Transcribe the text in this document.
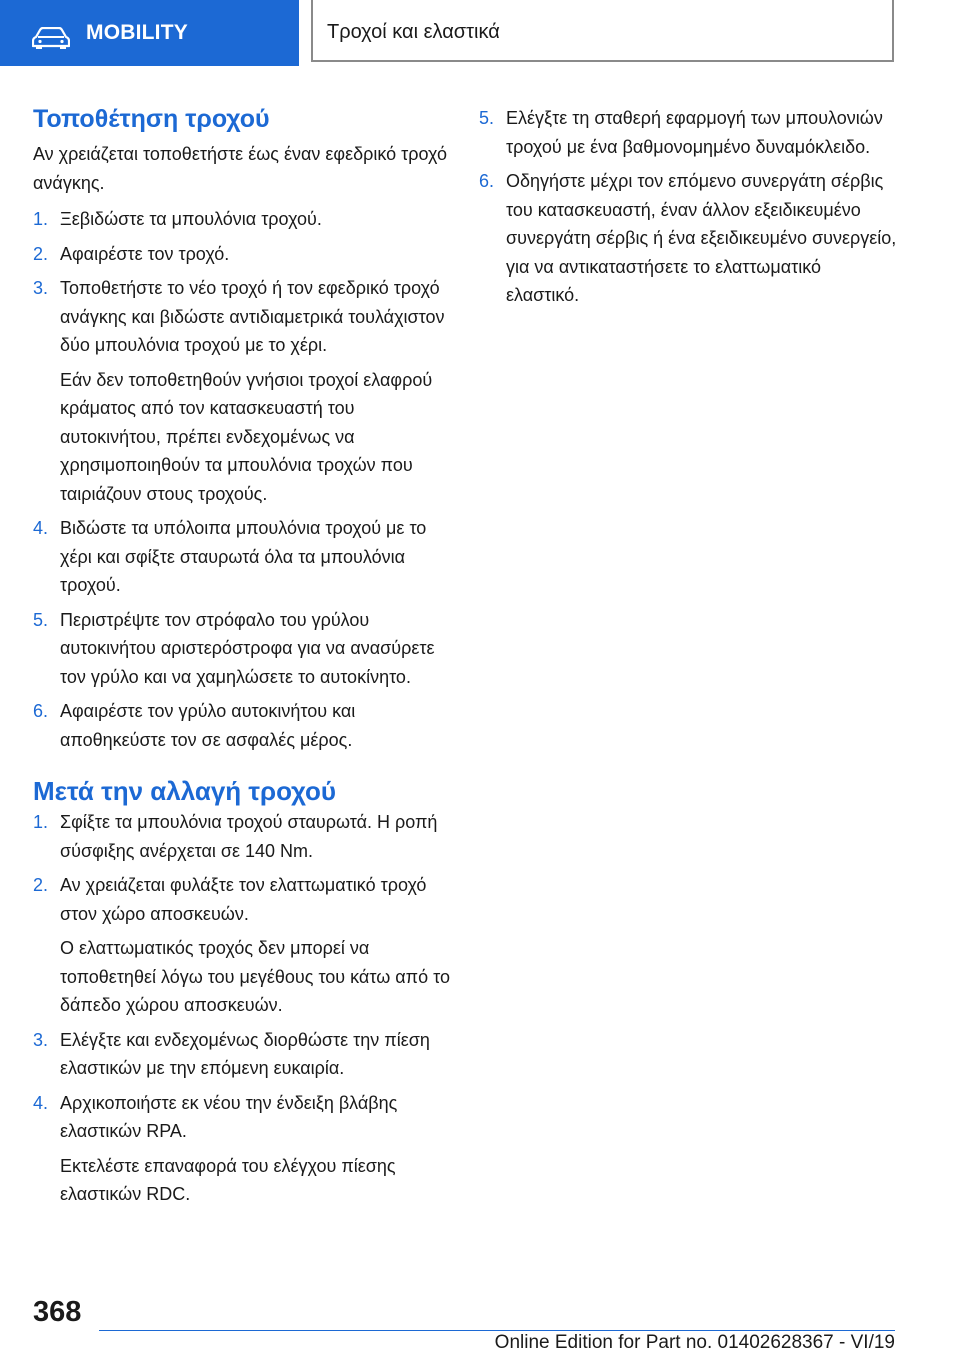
MOBILITY	Τροχοί και ελαστικά
Τοποθέτηση τροχού

Αν χρειάζεται τοποθετήστε έως έναν εφεδρικό τροχό ανάγκης.

1. Ξεβιδώστε τα μπουλόνια τροχού.

2. Αφαιρέστε τον τροχό.

3. Τοποθετήστε το νέο τροχό ή τον εφεδρικό τροχό ανάγκης και βιδώστε αντιδιαμετρικά τουλάχιστον δύο μπουλόνια τροχού με το χέρι.

Εάν δεν τοποθετηθούν γνήσιοι τροχοί ελαφρού κράματος από τον κατασκευαστή του αυτοκινήτου, πρέπει ενδεχομένως να χρησιμοποιηθούν τα μπουλόνια τροχών που ταιριάζουν στους τροχούς.

4. Βιδώστε τα υπόλοιπα μπουλόνια τροχού με το χέρι και σφίξτε σταυρωτά όλα τα μπουλόνια τροχού.

5. Περιστρέψτε τον στρόφαλο του γρύλου αυτοκινήτου αριστερόστροφα για να ανασύρετε τον γρύλο και να χαμηλώσετε το αυτοκίνητο.

6. Αφαιρέστε τον γρύλο αυτοκινήτου και αποθηκεύστε τον σε ασφαλές μέρος.

Μετά την αλλαγή τροχού
1. Σφίξτε τα μπουλόνια τροχού σταυρωτά. Η ροπή σύσφιξης ανέρχεται σε 140 Nm.

2. Αν χρειάζεται φυλάξτε τον ελαττωματικό τροχό στον χώρο αποσκευών.

Ο ελαττωματικός τροχός δεν μπορεί να τοποθετηθεί λόγω του μεγέθους του κάτω από το δάπεδο χώρου αποσκευών.

3. Ελέγξτε και ενδεχομένως διορθώστε την πίεση ελαστικών με την επόμενη ευκαιρία.

4. Αρχικοποιήστε εκ νέου την ένδειξη βλάβης ελαστικών RPA.

Εκτελέστε επαναφορά του ελέγχου πίεσης ελαστικών RDC.

5. Ελέγξτε τη σταθερή εφαρμογή των μπουλονιών τροχού με ένα βαθμονομημένο δυναμόκλειδο.

6. Οδηγήστε μέχρι τον επόμενο συνεργάτη σέρβις του κατασκευαστή, έναν άλλον εξειδικευμένο συνεργάτη σέρβις ή ένα εξειδικευμένο συνεργείο, για να αντικαταστήσετε το ελαττωματικό ελαστικό.

368
Online Edition for Part no. 01402628367 - VI/19
